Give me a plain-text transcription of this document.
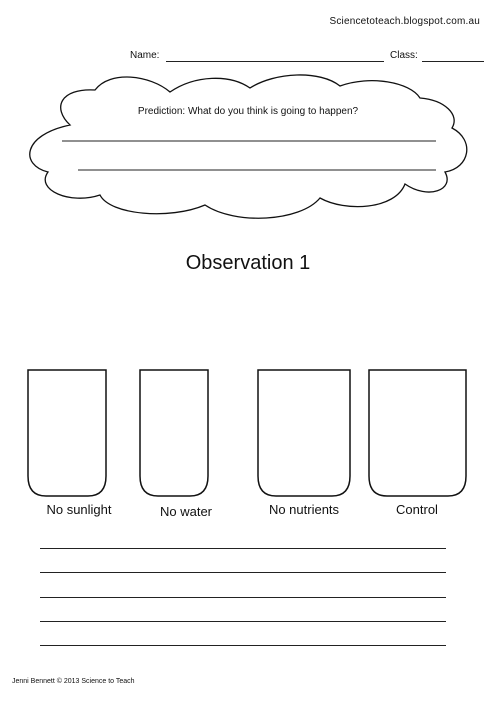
Sciencetoteach.blogspot.com.au
Name:	Class:
Prediction: What do you think is going to happen?
Observation 1
No sunlight	No water	No nutrients	Control
Jenni Bennett © 2013 Science to Teach
